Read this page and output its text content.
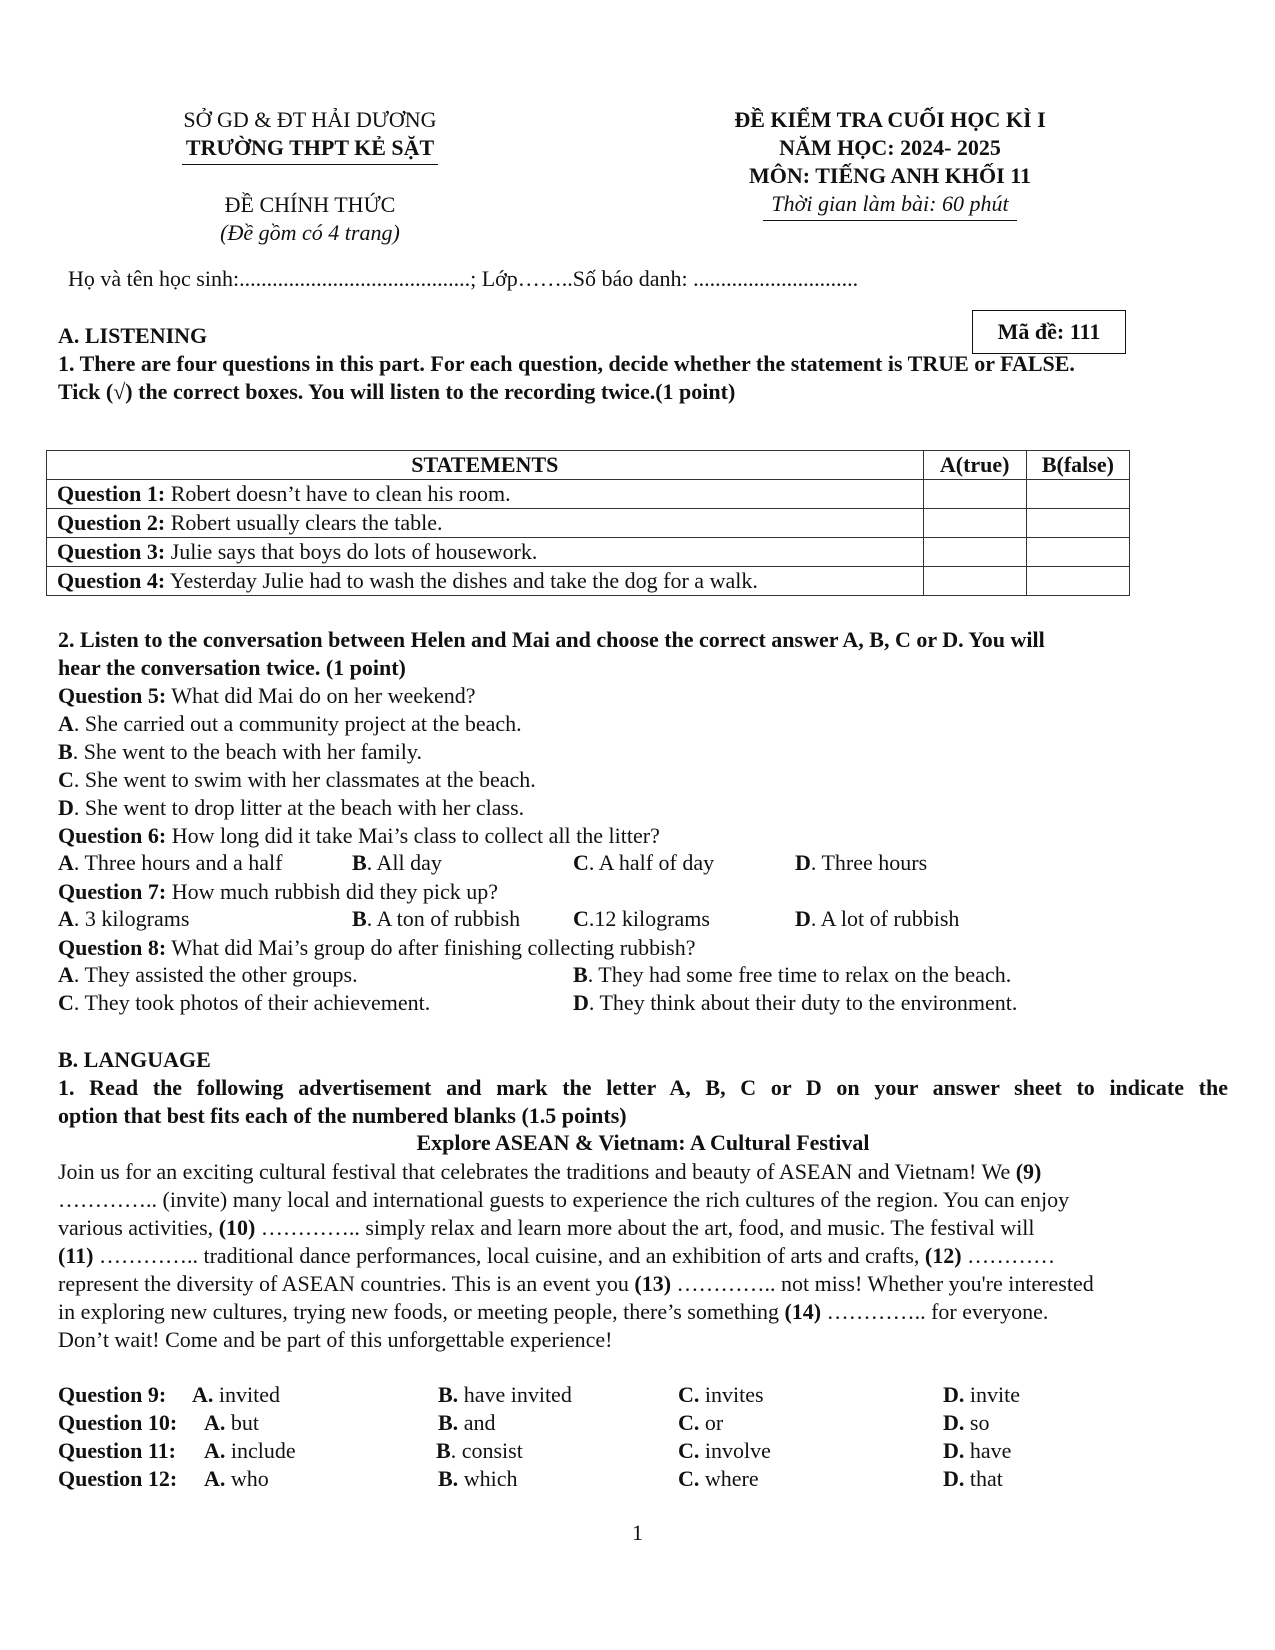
SỞ GD & ĐT HẢI DƯƠNG
TRƯỜNG THPT KẺ SẶT
ĐỀ CHÍNH THỨC
(Đề gồm có 4 trang)
ĐỀ KIỂM TRA CUỐI HỌC KÌ I
NĂM HỌC: 2024- 2025
MÔN: TIẾNG ANH KHỐI 11
Thời gian làm bài: 60 phút
Họ và tên học sinh:..........................................; Lớp……..Số báo danh: ..............................
Mã đề: 111
A. LISTENING
1. There are four questions in this part. For each question, decide whether the statement is TRUE or FALSE.
Tick (√) the correct boxes. You will listen to the recording twice.(1 point)
STATEMENTS	A(true)	B(false)
Question 1: Robert doesn’t have to clean his room.		
Question 2: Robert usually clears the table.		
Question 3: Julie says that boys do lots of housework.		
Question 4: Yesterday Julie had to wash the dishes and take the dog for a walk.		
2. Listen to the conversation between Helen and Mai and choose the correct answer A, B, C or D. You will
hear the conversation twice. (1 point)
Question 5: What did Mai do on her weekend?
A. She carried out a community project at the beach.
B. She went to the beach with her family.
C. She went to swim with her classmates at the beach.
D. She went to drop litter at the beach with her class.
Question 6: How long did it take Mai’s class to collect all the litter?
A. Three hours and a half	B. All day	C. A half of day	D. Three hours
Question 7: How much rubbish did they pick up?
A. 3 kilograms	B. A ton of rubbish C.12 kilograms	D. A lot of rubbish
Question 8: What did Mai’s group do after finishing collecting rubbish?
A. They assisted the other groups.	B. They had some free time to relax on the beach.
C. They took photos of their achievement.	D. They think about their duty to the environment.
B. LANGUAGE
1. Read the following advertisement and mark the letter A, B, C or D on your answer sheet to indicate the
option that best fits each of the numbered blanks (1.5 points)
Explore ASEAN & Vietnam: A Cultural Festival
Join us for an exciting cultural festival that celebrates the traditions and beauty of ASEAN and Vietnam! We (9)
………….. (invite) many local and international guests to experience the rich cultures of the region. You can enjoy
various activities, (10) ………….. simply relax and learn more about the art, food, and music. The festival will
(11) ………….. traditional dance performances, local cuisine, and an exhibition of arts and crafts, (12) …………
represent the diversity of ASEAN countries. This is an event you (13) ………….. not miss! Whether you're interested
in exploring new cultures, trying new foods, or meeting people, there’s something (14) ………….. for everyone.
Don’t wait! Come and be part of this unforgettable experience!
Question 9: A. invited	B. have invited	C. invites	D. invite
Question 10: A. but	B. and	C. or	D. so
Question 11: A. include	B. consist	C. involve	D. have
Question 12: A. who	B. which	C. where	D. that
1
